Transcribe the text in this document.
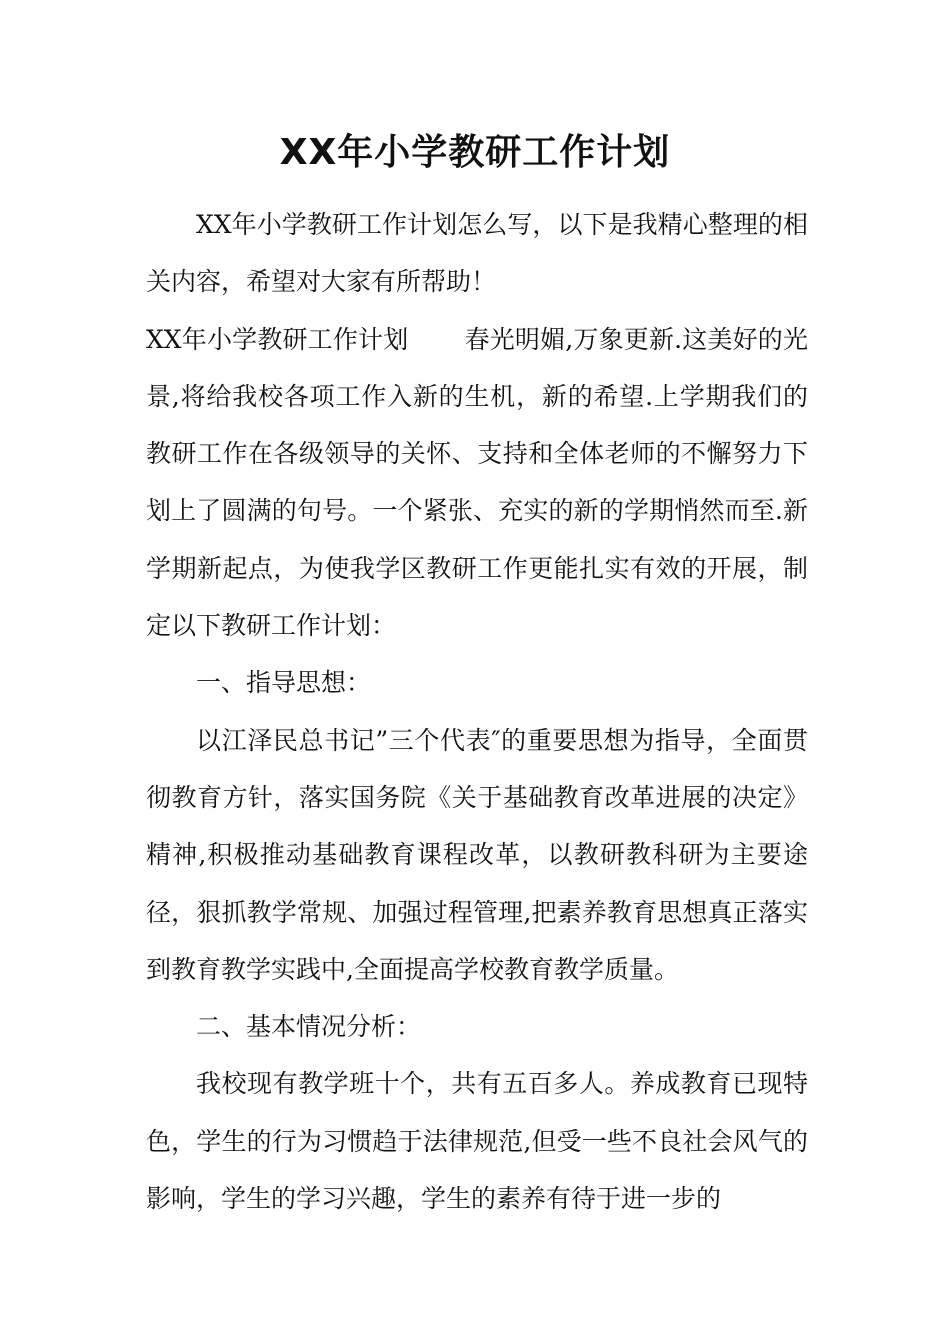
XX年小学教研工作计划

XX年小学教研工作计划怎么写，以下是我精心整理的相关内容，希望对大家有所帮助！

XX年小学教研工作计划 春光明媚,万象更新.这美好的光景,将给我校各项工作入新的生机，新的希望.上学期我们的教研工作在各级领导的关怀、支持和全体老师的不懈努力下划上了圆满的句号。一个紧张、充实的新的学期悄然而至.新学期新起点，为使我学区教研工作更能扎实有效的开展，制定以下教研工作计划：

一、指导思想：

以江泽民总书记”三个代表″的重要思想为指导，全面贯彻教育方针，落实国务院《关于基础教育改革进展的决定》精神,积极推动基础教育课程改革，以教研教科研为主要途径，狠抓教学常规、加强过程管理,把素养教育思想真正落实到教育教学实践中,全面提高学校教育教学质量。

二、基本情况分析：

我校现有教学班十个，共有五百多人。养成教育已现特色，学生的行为习惯趋于法律规范,但受一些不良社会风气的影响，学生的学习兴趣，学生的素养有待于进一步的
